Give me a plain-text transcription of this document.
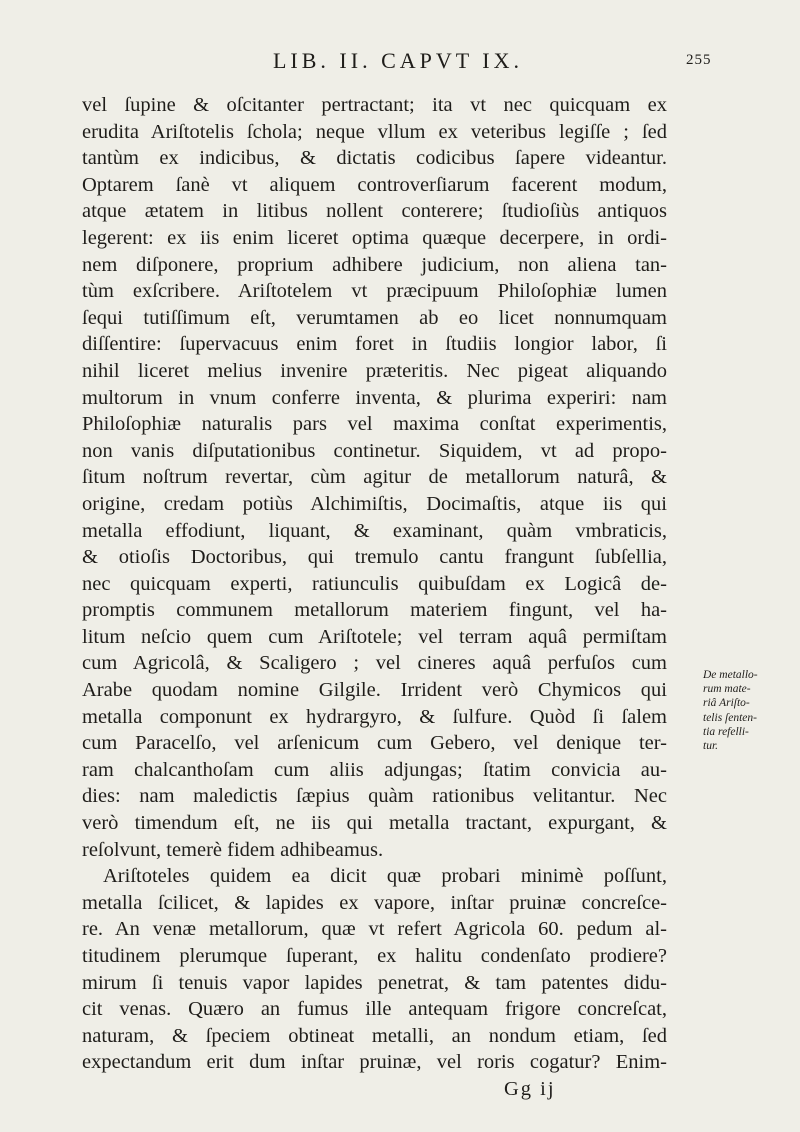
LIB. II. CAPVT IX.	255
vel ſupine & oſcitanter pertractant; ita vt nec quicquam ex
erudita Ariſtotelis ſchola; neque vllum ex veteribus legiſſe ; ſed
tantùm ex indicibus, & dictatis codicibus ſapere videantur.
Optarem ſanè vt aliquem controverſiarum facerent modum,
atque ætatem in litibus nollent conterere; ſtudioſiùs antiquos
legerent: ex iis enim liceret optima quæque decerpere, in ordi-
nem diſponere, proprium adhibere judicium, non aliena tan-
tùm exſcribere. Ariſtotelem vt præcipuum Philoſophiæ lumen
ſequi tutiſſimum eſt, verumtamen ab eo licet nonnumquam
diſſentire: ſupervacuus enim foret in ſtudiis longior labor, ſi
nihil liceret melius invenire præteritis. Nec pigeat aliquando
multorum in vnum conferre inventa, & plurima experiri: nam
Philoſophiæ naturalis pars vel maxima conſtat experimentis,
non vanis diſputationibus continetur. Siquidem, vt ad propo-
ſitum noſtrum revertar, cùm agitur de metallorum naturâ, &
origine, credam potiùs Alchimiſtis, Docimaſtis, atque iis qui
metalla effodiunt, liquant, & examinant, quàm vmbraticis,
& otioſis Doctoribus, qui tremulo cantu frangunt ſubſellia,
nec quicquam experti, ratiunculis quibuſdam ex Logicâ de-
promptis communem metallorum materiem fingunt, vel ha-
litum neſcio quem cum Ariſtotele; vel terram aquâ permiſtam
cum Agricolâ, & Scaligero ; vel cineres aquâ perfuſos cum
Arabe quodam nomine Gilgile. Irrident verò Chymicos qui
metalla componunt ex hydrargyro, & ſulfure. Quòd ſi ſalem
cum Paracelſo, vel arſenicum cum Gebero, vel denique ter-
ram chalcanthoſam cum aliis adjungas; ſtatim convicia au-
dies: nam maledictis ſæpius quàm rationibus velitantur. Nec
verò timendum eſt, ne iis qui metalla tractant, expurgant, &
reſolvunt, temerè fidem adhibeamus.
Ariſtoteles quidem ea dicit quæ probari minimè poſſunt,
metalla ſcilicet, & lapides ex vapore, inſtar pruinæ concreſce-
re. An venæ metallorum, quæ vt refert Agricola 60. pedum al-
titudinem plerumque ſuperant, ex halitu condenſato prodiere?
mirum ſi tenuis vapor lapides penetrat, & tam patentes didu-
cit venas. Quæro an fumus ille antequam frigore concreſcat,
naturam, & ſpeciem obtineat metalli, an nondum etiam, ſed
expectandum erit dum inſtar pruinæ, vel roris cogatur? Enim-
Gg ij
De metallo-
rum mate-
riâ Ariſto-
telis ſenten-
tia refelli-
tur.
